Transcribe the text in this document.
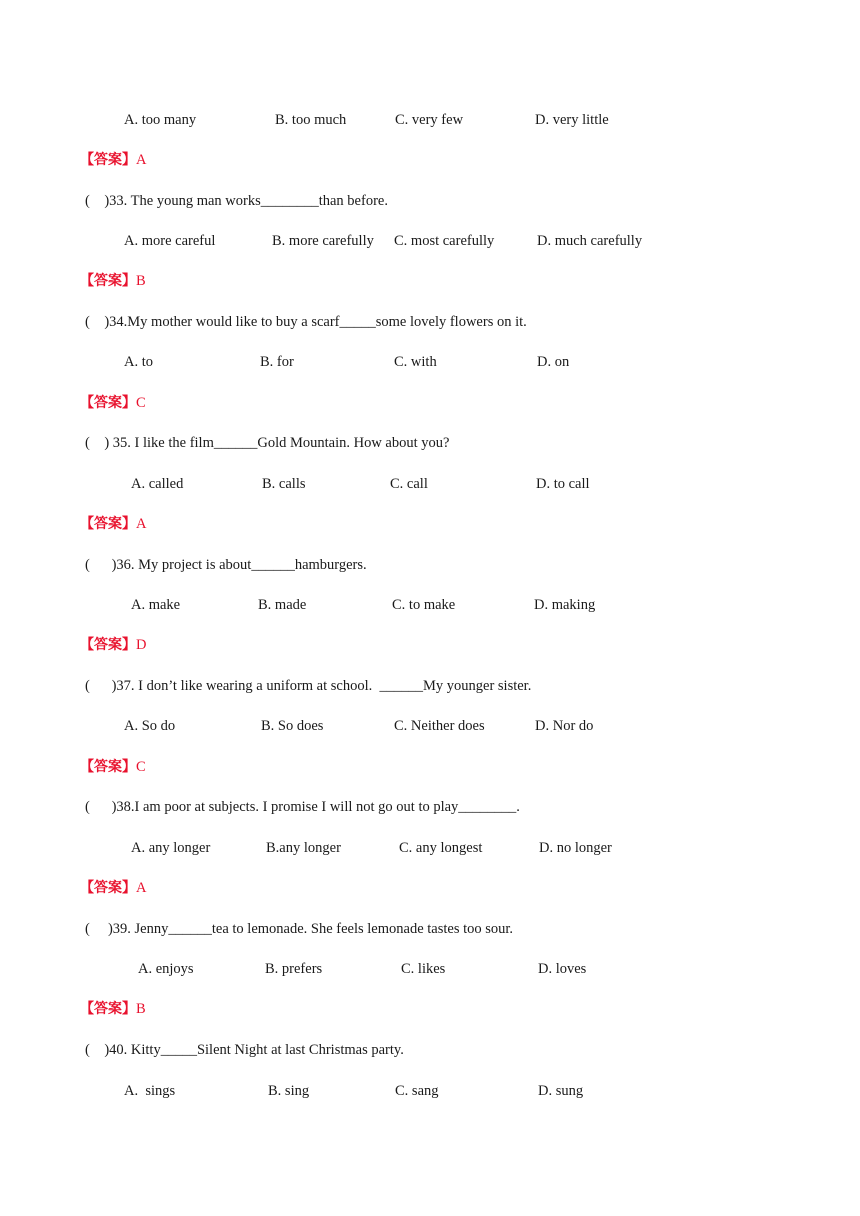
A. too many	B. too much	C. very few	D. very little
【答案】A
(    )33. The young man works________than before.
A. more careful	B. more carefully C. most carefully	D. much carefully
【答案】B
(    )34.My mother would like to buy a scarf_____some lovely flowers on it.
A. to	B. for	C. with	D. on
【答案】C
(    ) 35. I like the film______Gold Mountain. How about you?
A. called	B. calls	C. call	D. to call
【答案】A
(      )36. My project is about______hamburgers.
A. make	B. made	C. to make	D. making
【答案】D
(      )37. I don’t like wearing a uniform at school.  ______My younger sister.
A. So do	B. So does	C. Neither does	D. Nor do
【答案】C
(      )38.I am poor at subjects. I promise I will not go out to play________.
A. any longer	B.any longer	C. any longest	D. no longer
【答案】A
(     )39. Jenny______tea to lemonade. She feels lemonade tastes too sour.
A. enjoys	B. prefers	C. likes	D. loves
【答案】B
(    )40. Kitty_____Silent Night at last Christmas party.
A.  sings	B. sing	C. sang	D. sung
